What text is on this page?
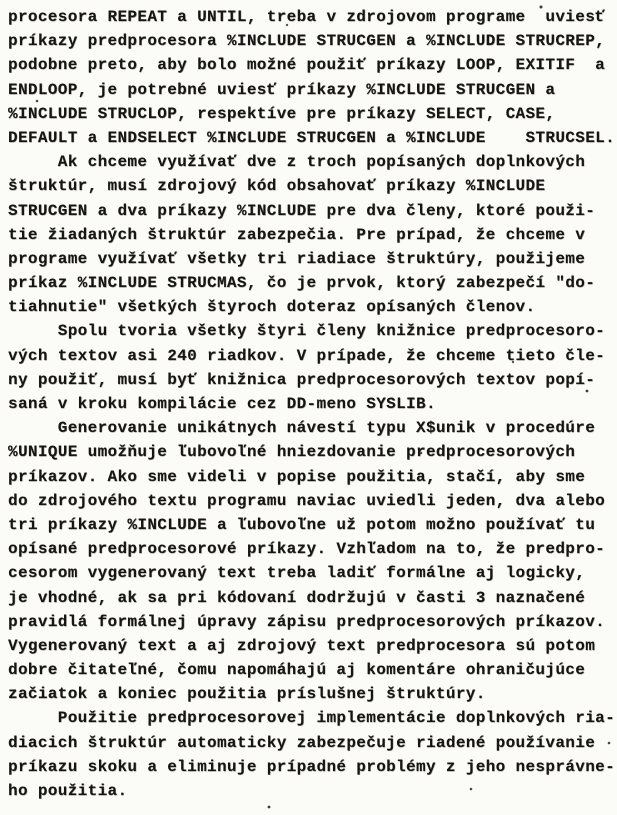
procesora REPEAT a UNTIL, treba v zdrojovom programe  uviesť
príkazy predprocesora %INCLUDE STRUCGEN a %INCLUDE STRUCREP,
podobne preto, aby bolo možné použiť príkazy LOOP, EXITIF  a
ENDLOOP, je potrebné uviesť príkazy %INCLUDE STRUCGEN a
%INCLUDE STRUCLOP, respektíve pre príkazy SELECT, CASE,
DEFAULT a ENDSELECT %INCLUDE STRUCGEN a %INCLUDE    STRUCSEL.
Ak chceme využívať dve z troch popísaných doplnkových
štruktúr, musí zdrojový kód obsahovať príkazy %INCLUDE
STRUCGEN a dva príkazy %INCLUDE pre dva členy, ktoré použi-
tie žiadaných štruktúr zabezpečia. Pre prípad, že chceme v
programe využívať všetky tri riadiace štruktúry, použijeme
príkaz %INCLUDE STRUCMAS, čo je prvok, ktorý zabezpečí "do-
tiahnutie" všetkých štyroch doteraz opísaných členov.
Spolu tvoria všetky štyri členy knižnice predprocesoro-
vých textov asi 240 riadkov. V prípade, že chceme tieto čle-
ny použiť, musí byť knižnica predprocesorových textov popí-
saná v kroku kompilácie cez DD-meno SYSLIB.
Generovanie unikátnych návestí typu X$unik v procedúre
%UNIQUE umožňuje ľubovoľné hniezdovanie predprocesorových
príkazov. Ako sme videli v popise použitia, stačí, aby sme
do zdrojového textu programu naviac uviedli jeden, dva alebo
tri príkazy %INCLUDE a ľubovoľne už potom možno používať tu
opísané predprocesorové príkazy. Vzhľadom na to, že predpro-
cesorom vygenerovaný text treba ladiť formálne aj logicky,
je vhodné, ak sa pri kódovaní dodržujú v časti 3 naznačené
pravidlá formálnej úpravy zápisu predprocesorových príkazov.
Vygenerovaný text a aj zdrojový text predprocesora sú potom
dobre čitateľné, čomu napomáhajú aj komentáre ohraničujúce
začiatok a koniec použitia príslušnej štruktúry.
Použitie predprocesorovej implementácie doplnkových ria-
diacich štruktúr automaticky zabezpečuje riadené používanie
príkazu skoku a eliminuje prípadné problémy z jeho nesprávne-
ho použitia.
